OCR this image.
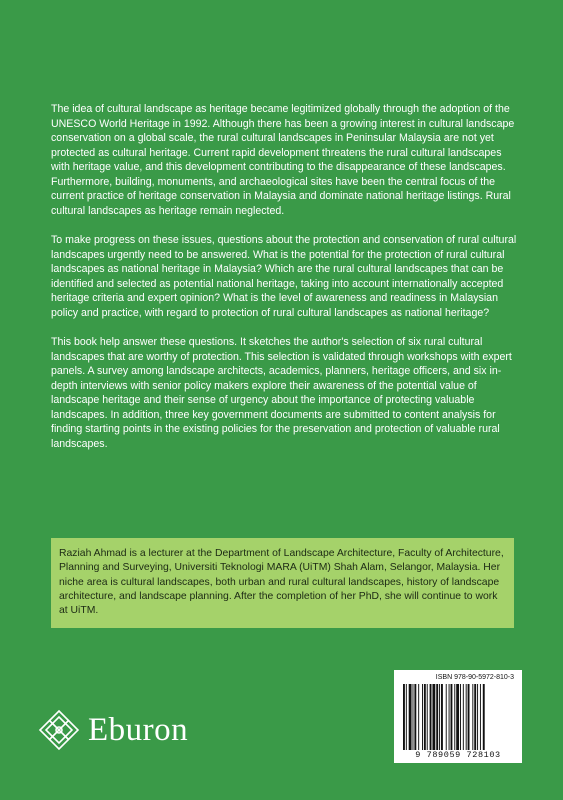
The idea of cultural landscape as heritage became legitimized globally through the adoption of the UNESCO World Heritage in 1992. Although there has been a growing interest in cultural landscape conservation on a global scale, the rural cultural landscapes in Peninsular Malaysia are not yet protected as cultural heritage. Current rapid development threatens the rural cultural landscapes with heritage value, and this development contributing to the disappearance of these landscapes. Furthermore, building, monuments, and archaeological sites have been the central focus of the current practice of heritage conservation in Malaysia and dominate national heritage listings. Rural cultural landscapes as heritage remain neglected.

To make progress on these issues, questions about the protection and conservation of rural cultural landscapes urgently need to be answered. What is the potential for the protection of rural cultural landscapes as national heritage in Malaysia? Which are the rural cultural landscapes that can be identified and selected as potential national heritage, taking into account internationally accepted heritage criteria and expert opinion? What is the level of awareness and readiness in Malaysian policy and practice, with regard to protection of rural cultural landscapes as national heritage?

This book help answer these questions. It sketches the author's selection of six rural cultural landscapes that are worthy of protection. This selection is validated through workshops with expert panels. A survey among landscape architects, academics, planners, heritage officers, and six in-depth interviews with senior policy makers explore their awareness of the potential value of landscape heritage and their sense of urgency about the importance of protecting valuable landscapes. In addition, three key government documents are submitted to content analysis for finding starting points in the existing policies for the preservation and protection of valuable rural landscapes.

Raziah Ahmad is a lecturer at the Department of Landscape Architecture, Faculty of Architecture, Planning and Surveying, Universiti Teknologi MARA (UiTM) Shah Alam, Selangor, Malaysia. Her niche area is cultural landscapes, both urban and rural cultural landscapes, history of landscape architecture, and landscape planning. After the completion of her PhD, she will continue to work at UiTM.
Eburon
ISBN 978-90-5972-810-3
9 789059 728103
